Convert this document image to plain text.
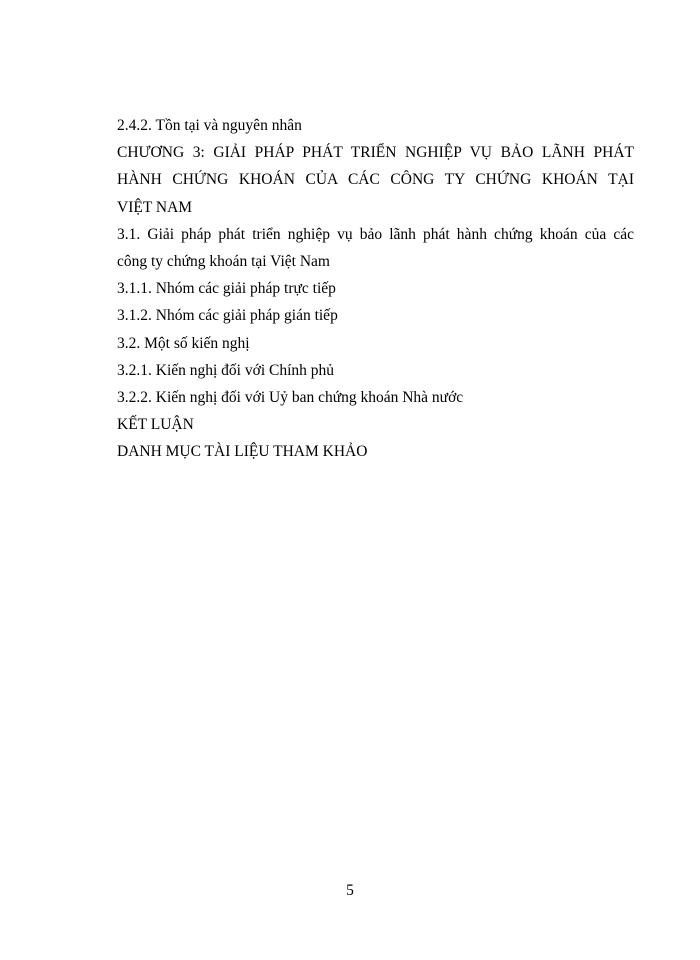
2.4.2. Tồn tại và nguyên nhân
CHƯƠNG 3: GIẢI PHÁP PHÁT TRIỂN NGHIỆP VỤ BẢO LÃNH PHÁT
HÀNH CHỨNG KHOÁN CỦA CÁC CÔNG TY CHỨNG KHOÁN TẠI
VIỆT NAM
3.1. Giải pháp phát triển nghiệp vụ bảo lãnh phát hành chứng khoán của các
công ty chứng khoán tại Việt Nam
3.1.1. Nhóm các giải pháp trực tiếp
3.1.2. Nhóm các giải pháp gián tiếp
3.2. Một số kiến nghị
3.2.1. Kiến nghị đối với Chính phủ
3.2.2. Kiến nghị đối với Uỷ ban chứng khoán Nhà nước
KẾT LUẬN
DANH MỤC TÀI LIỆU THAM KHẢO
5
